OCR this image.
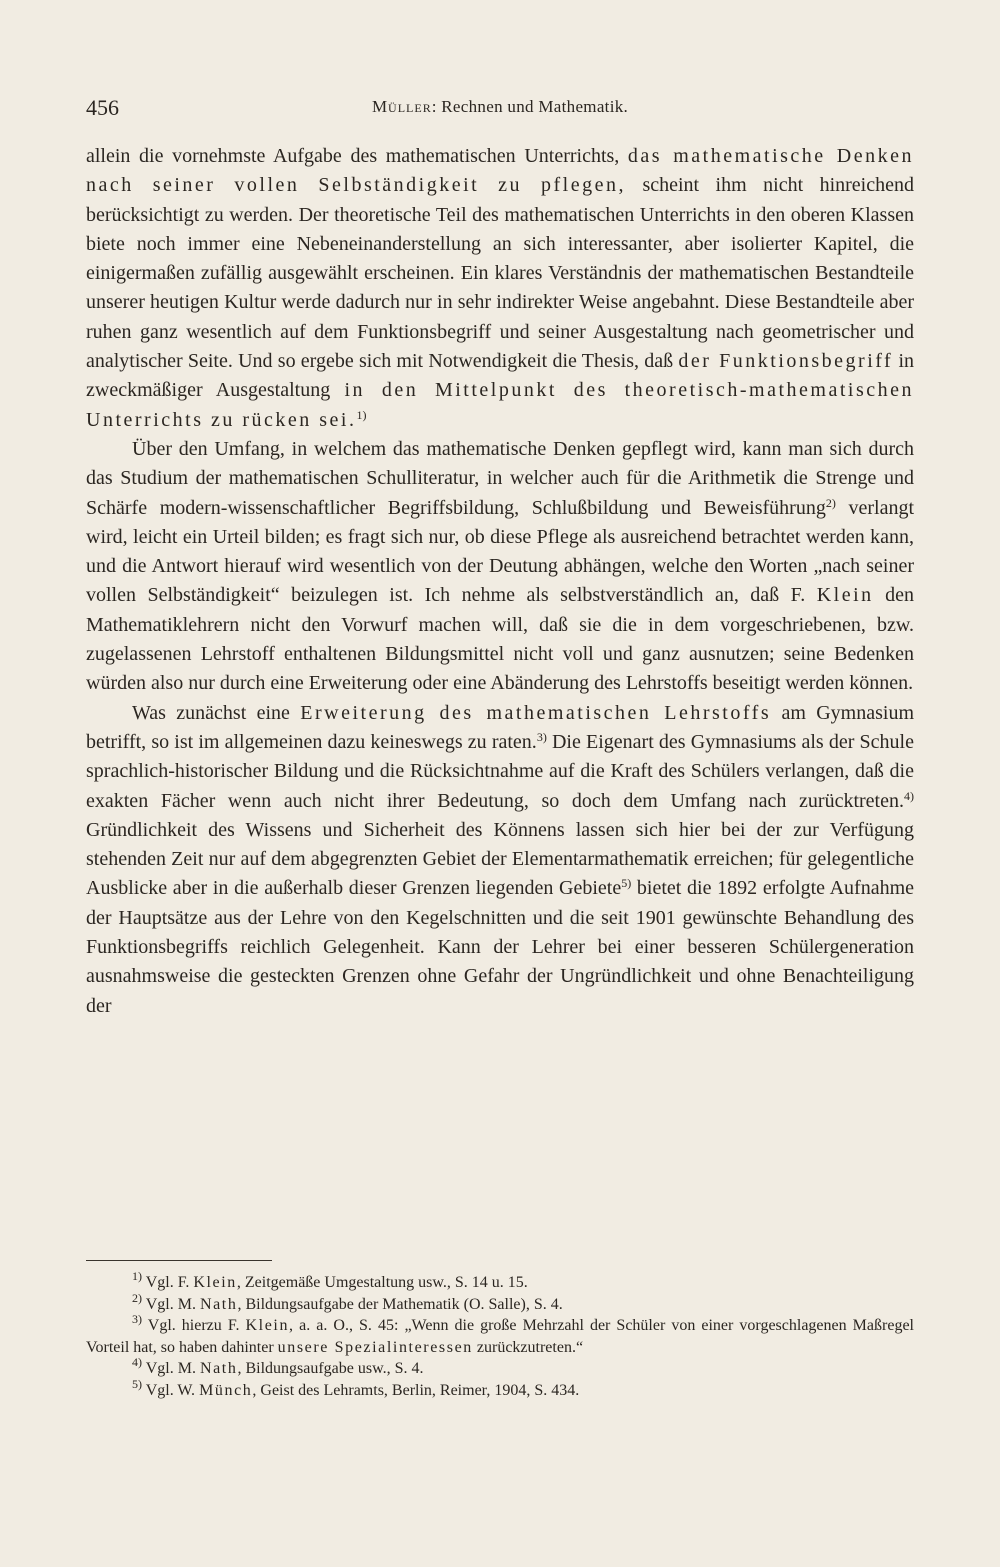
456	Müller: Rechnen und Mathematik.

allein die vornehmste Aufgabe des mathematischen Unterrichts, das mathematische Denken nach seiner vollen Selbständigkeit zu pflegen, scheint ihm nicht hinreichend berücksichtigt zu werden. Der theoretische Teil des mathematischen Unterrichts in den oberen Klassen biete noch immer eine Nebeneinanderstellung an sich interessanter, aber isolierter Kapitel, die einigermaßen zufällig ausgewählt erscheinen. Ein klares Verständnis der mathematischen Bestandteile unserer heutigen Kultur werde dadurch nur in sehr indirekter Weise angebahnt. Diese Bestandteile aber ruhen ganz wesentlich auf dem Funktionsbegriff und seiner Ausgestaltung nach geometrischer und analytischer Seite. Und so ergebe sich mit Notwendigkeit die Thesis, daß der Funktionsbegriff in zweckmäßiger Ausgestaltung in den Mittelpunkt des theoretisch-mathematischen Unterrichts zu rücken sei.$^{1)}$

Über den Umfang, in welchem das mathematische Denken gepflegt wird, kann man sich durch das Studium der mathematischen Schulliteratur, in welcher auch für die Arithmetik die Strenge und Schärfe modern-wissenschaftlicher Begriffsbildung, Schlußbildung und Beweisführung$^{2)}$ verlangt wird, leicht ein Urteil bilden; es fragt sich nur, ob diese Pflege als ausreichend betrachtet werden kann, und die Antwort hierauf wird wesentlich von der Deutung abhängen, welche den Worten „nach seiner vollen Selbständigkeit“ beizulegen ist. Ich nehme als selbstverständlich an, daß F. Klein den Mathematiklehrern nicht den Vorwurf machen will, daß sie die in dem vorgeschriebenen, bzw. zugelassenen Lehrstoff enthaltenen Bildungsmittel nicht voll und ganz ausnutzen; seine Bedenken würden also nur durch eine Erweiterung oder eine Abänderung des Lehrstoffs beseitigt werden können.

Was zunächst eine Erweiterung des mathematischen Lehrstoffs am Gymnasium betrifft, so ist im allgemeinen dazu keineswegs zu raten.$^{3)}$ Die Eigenart des Gymnasiums als der Schule sprachlich-historischer Bildung und die Rücksichtnahme auf die Kraft des Schülers verlangen, daß die exakten Fächer wenn auch nicht ihrer Bedeutung, so doch dem Umfang nach zurücktreten.$^{4)}$ Gründlichkeit des Wissens und Sicherheit des Könnens lassen sich hier bei der zur Verfügung stehenden Zeit nur auf dem abgegrenzten Gebiet der Elementarmathematik erreichen; für gelegentliche Ausblicke aber in die außerhalb dieser Grenzen liegenden Gebiete$^{5)}$ bietet die 1892 erfolgte Aufnahme der Hauptsätze aus der Lehre von den Kegelschnitten und die seit 1901 gewünschte Behandlung des Funktionsbegriffs reichlich Gelegenheit. Kann der Lehrer bei einer besseren Schülergeneration ausnahmsweise die gesteckten Grenzen ohne Gefahr der Ungründlichkeit und ohne Benachteiligung der

$^{1)}$ Vgl. F. Klein, Zeitgemäße Umgestaltung usw., S. 14 u. 15.

$^{2)}$ Vgl. M. Nath, Bildungsaufgabe der Mathematik (O. Salle), S. 4.

$^{3)}$ Vgl. hierzu F. Klein, a. a. O., S. 45: „Wenn die große Mehrzahl der Schüler von einer vorgeschlagenen Maßregel Vorteil hat, so haben dahinter unsere Spezialinteressen zurückzutreten.“

$^{4)}$ Vgl. M. Nath, Bildungsaufgabe usw., S. 4.

$^{5)}$ Vgl. W. Münch, Geist des Lehramts, Berlin, Reimer, 1904, S. 434.
